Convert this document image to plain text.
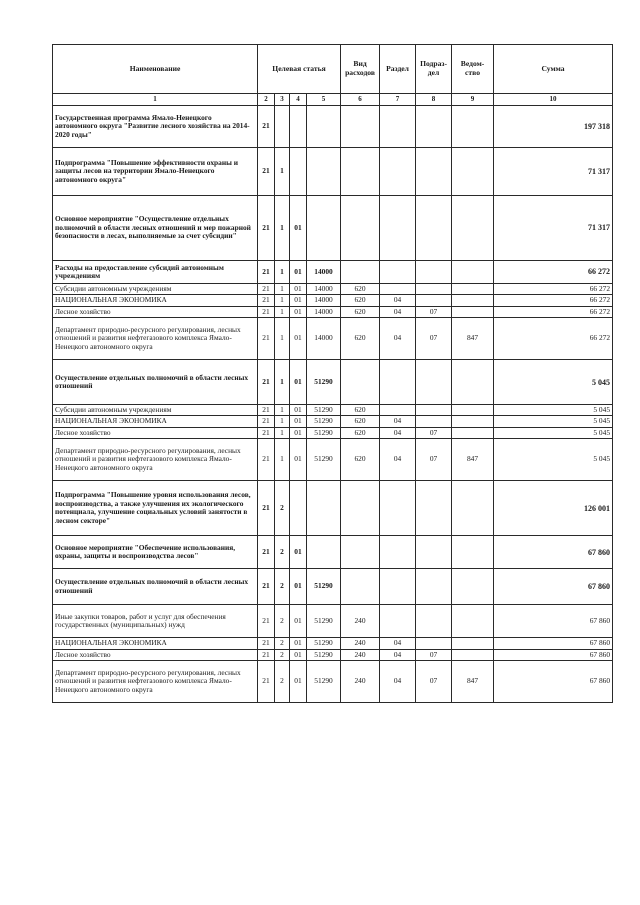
Наименование	Целевая статья				Вид расходов	Раздел	Подраз-дел	Ведом-ство	Сумма
1	2	3	4	5	6	7	8	9	10
Государственная программа Ямало-Ненецкого автономного округа "Развитие лесного хозяйства на 2014-2020 годы"	21								197 318
Подпрограмма "Повышение эффективности охраны и защиты лесов на территории Ямало-Ненецкого автономного округа"	21	1							71 317
Основное мероприятие "Осуществление отдельных полномочий в области лесных отношений и мер пожарной безопасности в лесах, выполняемые за счет субсидии"	21	1	01						71 317
Расходы на предоставление субсидий автономным учреждениям	21	1	01	14000					66 272
Субсидии автономным учреждениям	21	1	01	14000	620				66 272
НАЦИОНАЛЬНАЯ ЭКОНОМИКА	21	1	01	14000	620	04			66 272
Лесное хозяйство	21	1	01	14000	620	04	07		66 272
Департамент природно-ресурсного регулирования, лесных отношений и развития нефтегазового комплекса Ямало-Ненецкого автономного округа	21	1	01	14000	620	04	07	847	66 272
Осуществление отдельных полномочий в области лесных отношений	21	1	01	51290					5 045
Субсидии автономным учреждениям	21	1	01	51290	620				5 045
НАЦИОНАЛЬНАЯ ЭКОНОМИКА	21	1	01	51290	620	04			5 045
Лесное хозяйство	21	1	01	51290	620	04	07		5 045
Департамент природно-ресурсного регулирования, лесных отношений и развития нефтегазового комплекса Ямало-Ненецкого автономного округа	21	1	01	51290	620	04	07	847	5 045
Подпрограмма "Повышение уровня использования лесов, воспроизводства, а также улучшения их экологического потенциала, улучшение социальных условий занятости в лесном секторе"	21	2							126 001
Основное мероприятие "Обеспечение использования, охраны, защиты и воспроизводства лесов"	21	2	01						67 860
Осуществление отдельных полномочий в области лесных отношений	21	2	01	51290					67 860
Иные закупки товаров, работ и услуг для обеспечения государственных (муниципальных) нужд	21	2	01	51290	240				67 860
НАЦИОНАЛЬНАЯ ЭКОНОМИКА	21	2	01	51290	240	04			67 860
Лесное хозяйство	21	2	01	51290	240	04	07		67 860
Департамент природно-ресурсного регулирования, лесных отношений и развития нефтегазового комплекса Ямало-Ненецкого автономного округа	21	2	01	51290	240	04	07	847	67 860
